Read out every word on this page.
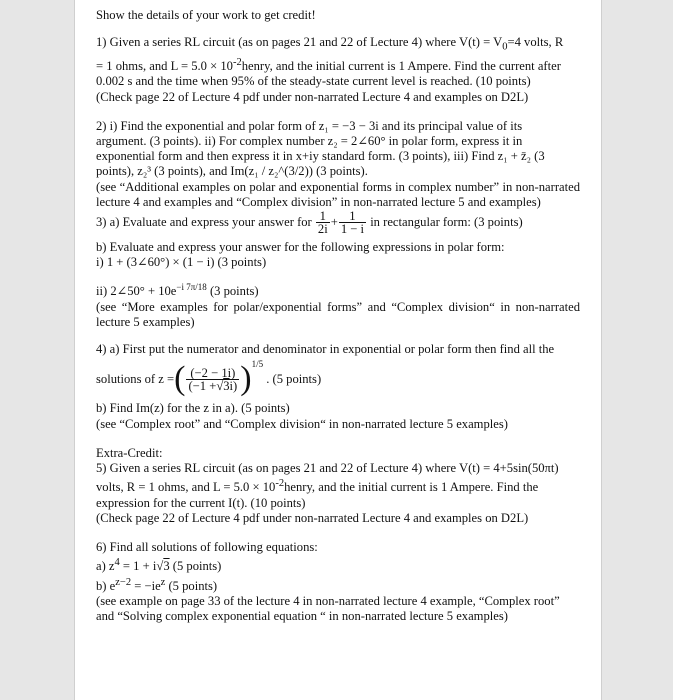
Show the details of your work to get credit!

1) Given a series RL circuit (as on pages 21 and 22 of Lecture 4) where $V(t) = V_0=4$ volts, R

= 1 ohms, and $L = 5.0 \times 10^{-2}henry$, and the initial current is 1 Ampere. Find the current after

0.002 s and the time when 95% of the steady-state current level is reached. (10 points)

(Check page 22 of Lecture 4 pdf under non-narrated Lecture 4 and examples on D2L)

2) i) Find the exponential and polar form of z₁ = −3 − 3i and its principal value of its

argument. (3 points). ii) For complex number z₂ = 2∠60° in polar form, express it in

exponential form and then express it in x+iy standard form. (3 points), iii) Find z₁ + z̄₂ (3

points), z₂³ (3 points), and Im(z₁ / z₂^(3/2)) (3 points).

(see “Additional examples on polar and exponential forms in complex number” in non-narrated lecture 4 and examples and “Complex division” in non-narrated lecture 5 and examples)

3) a) Evaluate and express your answer for
$\frac{1}{2i} + \frac{1}{1 - i}$
in rectangular form: (3 points)

b) Evaluate and express your answer for the following expressions in polar form:

i) 1 + (3∠60°) × (1 − i) (3 points)

ii) 2∠50° + $10e^{-i 7\pi/18}$ (3 points)

(see “More examples for polar/exponential forms” and “Complex division“ in non-narrated lecture 5 examples)

4) a) First put the numerator and denominator in exponential or polar form then find all the

solutions of z = ( $\frac{(-2 - 1i)}{(-1 +√3i)} )^{1/5}$

. (5 points)

b) Find Im(z) for the z in a). (5 points)

(see “Complex root” and “Complex division“ in non-narrated lecture 5 examples)

Extra-Credit:

5) Given a series RL circuit (as on pages 21 and 22 of Lecture 4) where V(t) = 4+5sin(50πt)

volts, R = 1 ohms, and $L = 5.0 \times 10^{-2}henry$, and the initial current is 1 Ampere. Find the

expression for the current I(t). (10 points)

(Check page 22 of Lecture 4 pdf under non-narrated Lecture 4 and examples on D2L)

6) Find all solutions of following equations:

a) $z^4 = 1 + i√3$ (5 points)

b) $e^{z-2} = -ie^z$ (5 points)

(see example on page 33 of the lecture 4 in non-narrated lecture 4 example, “Complex root”

and “Solving complex exponential equation “ in non-narrated lecture 5 examples)
